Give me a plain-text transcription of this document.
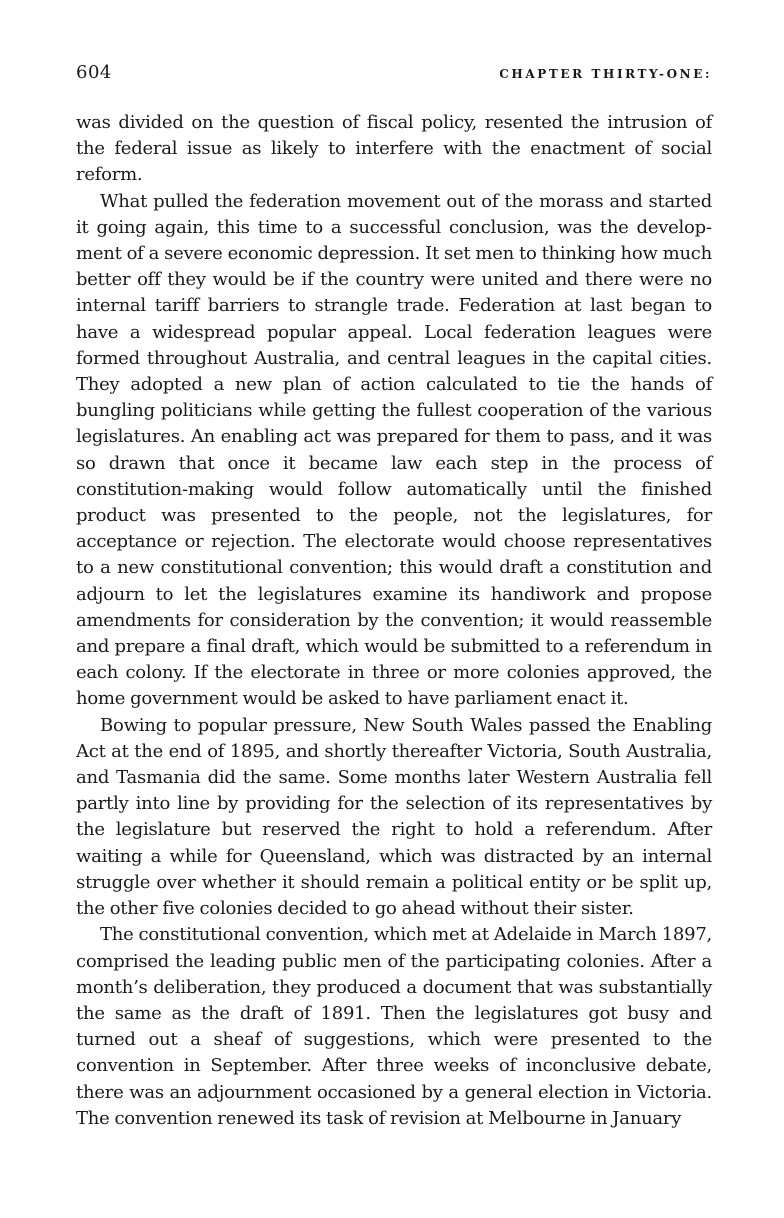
604	CHAPTER THIRTY-ONE:

was divided on the question of fiscal policy, resented the intrusion of the federal issue as likely to interfere with the enactment of social reform.

What pulled the federation movement out of the morass and started it going again, this time to a successful conclusion, was the development of a severe economic depression. It set men to thinking how much better off they would be if the country were united and there were no internal tariff barriers to strangle trade. Federation at last began to have a widespread popular appeal. Local federation leagues were formed throughout Australia, and central leagues in the capital cities. They adopted a new plan of action calculated to tie the hands of bungling politicians while getting the fullest cooperation of the various legislatures. An enabling act was prepared for them to pass, and it was so drawn that once it became law each step in the process of constitution-making would follow automatically until the finished product was presented to the people, not the legislatures, for acceptance or rejection. The electorate would choose representatives to a new constitutional convention; this would draft a constitution and adjourn to let the legislatures examine its handiwork and propose amendments for consideration by the convention; it would reassemble and prepare a final draft, which would be submitted to a referendum in each colony. If the electorate in three or more colonies approved, the home government would be asked to have parliament enact it.

Bowing to popular pressure, New South Wales passed the Enabling Act at the end of 1895, and shortly thereafter Victoria, South Australia, and Tasmania did the same. Some months later Western Australia fell partly into line by providing for the selection of its representatives by the legislature but reserved the right to hold a referendum. After waiting a while for Queensland, which was distracted by an internal struggle over whether it should remain a political entity or be split up, the other five colonies decided to go ahead without their sister.

The constitutional convention, which met at Adelaide in March 1897, comprised the leading public men of the participating colonies. After a month’s deliberation, they produced a document that was substantially the same as the draft of 1891. Then the legislatures got busy and turned out a sheaf of suggestions, which were presented to the convention in September. After three weeks of inconclusive debate, there was an adjournment occasioned by a general election in Victoria. The convention renewed its task of revision at Melbourne in January
